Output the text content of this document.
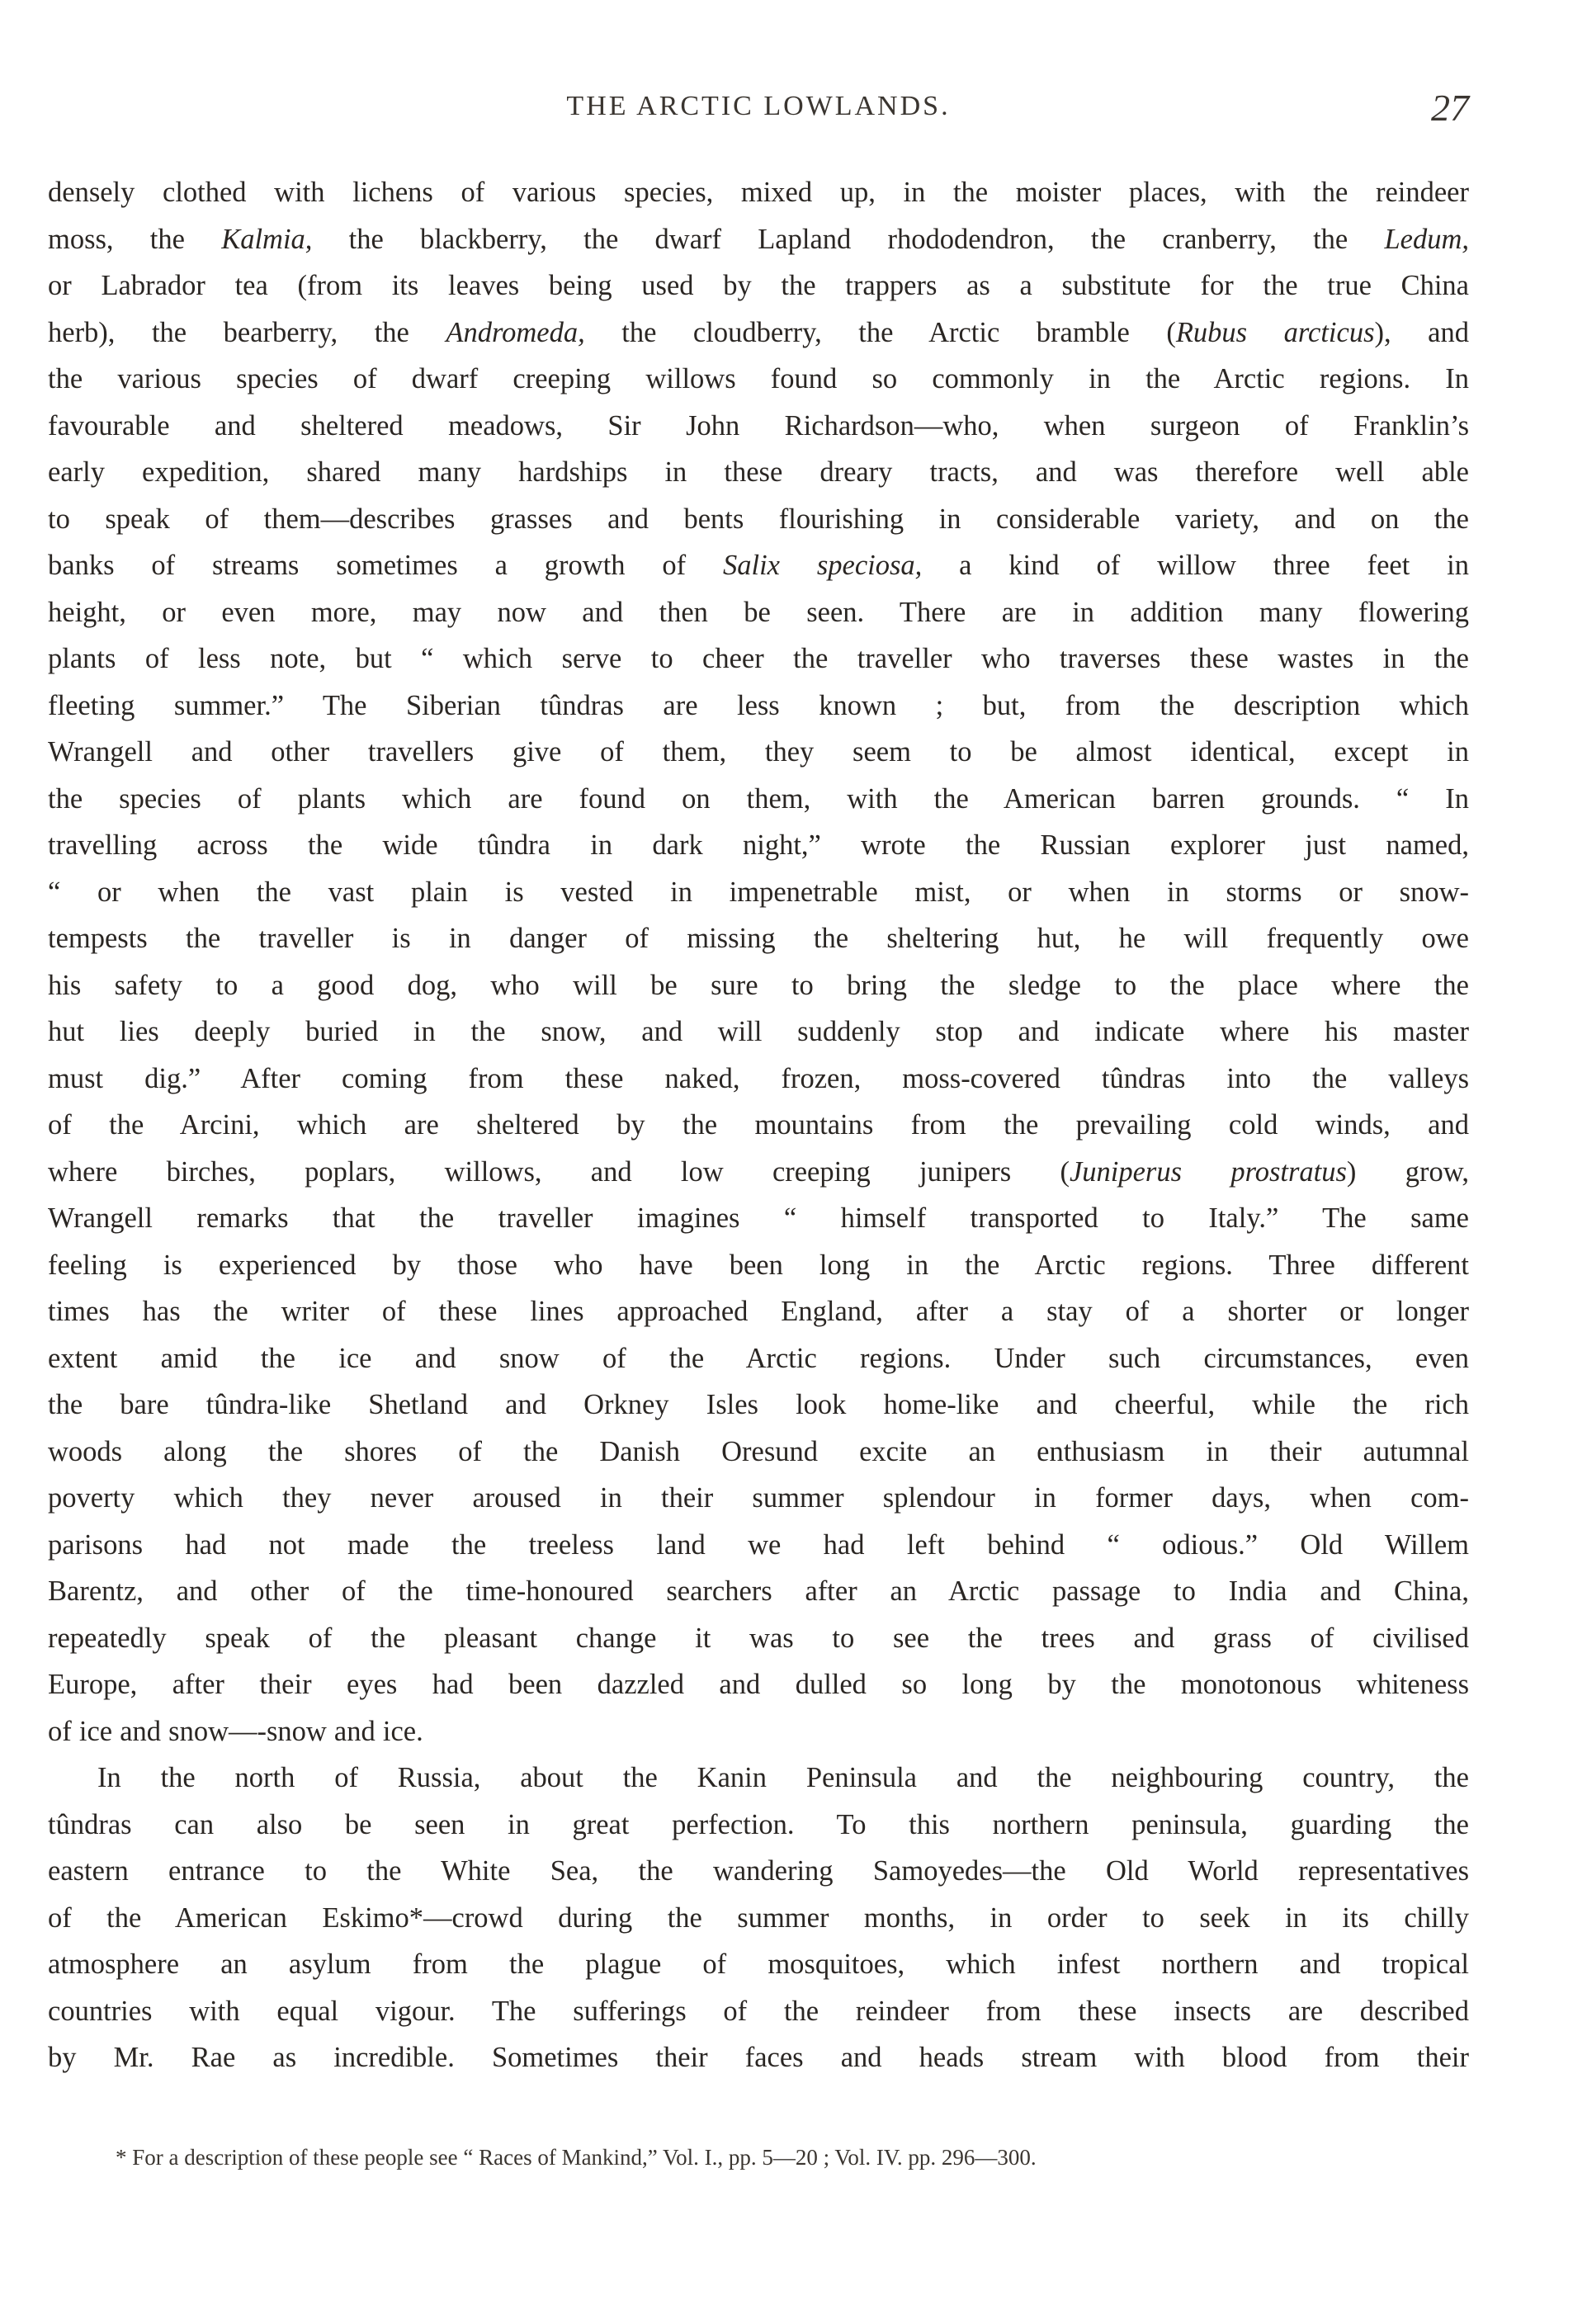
THE ARCTIC LOWLANDS.	27
densely clothed with lichens of various species, mixed up, in the moister places, with the reindeer
moss, the Kalmia, the blackberry, the dwarf Lapland rhododendron, the cranberry, the Ledum,
or Labrador tea (from its leaves being used by the trappers as a substitute for the true China
herb), the bearberry, the Andromeda, the cloudberry, the Arctic bramble (Rubus arcticus), and
the various species of dwarf creeping willows found so commonly in the Arctic regions. In
favourable and sheltered meadows, Sir John Richardson—who, when surgeon of Franklin’s
early expedition, shared many hardships in these dreary tracts, and was therefore well able
to speak of them—describes grasses and bents flourishing in considerable variety, and on the
banks of streams sometimes a growth of Salix speciosa, a kind of willow three feet in
height, or even more, may now and then be seen. There are in addition many flowering
plants of less note, but “ which serve to cheer the traveller who traverses these wastes in the
fleeting summer.” The Siberian tûndras are less known ; but, from the description which
Wrangell and other travellers give of them, they seem to be almost identical, except in
the species of plants which are found on them, with the American barren grounds. “ In
travelling across the wide tûndra in dark night,” wrote the Russian explorer just named,
“ or when the vast plain is vested in impenetrable mist, or when in storms or snow-
tempests the traveller is in danger of missing the sheltering hut, he will frequently owe
his safety to a good dog, who will be sure to bring the sledge to the place where the
hut lies deeply buried in the snow, and will suddenly stop and indicate where his master
must dig.” After coming from these naked, frozen, moss-covered tûndras into the valleys
of the Arcini, which are sheltered by the mountains from the prevailing cold winds, and
where birches, poplars, willows, and low creeping junipers (Juniperus prostratus) grow,
Wrangell remarks that the traveller imagines “ himself transported to Italy.” The same
feeling is experienced by those who have been long in the Arctic regions. Three different
times has the writer of these lines approached England, after a stay of a shorter or longer
extent amid the ice and snow of the Arctic regions. Under such circumstances, even
the bare tûndra-like Shetland and Orkney Isles look home-like and cheerful, while the rich
woods along the shores of the Danish Oresund excite an enthusiasm in their autumnal
poverty which they never aroused in their summer splendour in former days, when com-
parisons had not made the treeless land we had left behind “ odious.” Old Willem
Barentz, and other of the time-honoured searchers after an Arctic passage to India and China,
repeatedly speak of the pleasant change it was to see the trees and grass of civilised
Europe, after their eyes had been dazzled and dulled so long by the monotonous whiteness
of ice and snow—-snow and ice.
In the north of Russia, about the Kanin Peninsula and the neighbouring country, the
tûndras can also be seen in great perfection. To this northern peninsula, guarding the
eastern entrance to the White Sea, the wandering Samoyedes—the Old World representatives
of the American Eskimo*—crowd during the summer months, in order to seek in its chilly
atmosphere an asylum from the plague of mosquitoes, which infest northern and tropical
countries with equal vigour. The sufferings of the reindeer from these insects are described
by Mr. Rae as incredible. Sometimes their faces and heads stream with blood from their
* For a description of these people see “ Races of Mankind,” Vol. I., pp. 5—20 ; Vol. IV. pp. 296—300.
